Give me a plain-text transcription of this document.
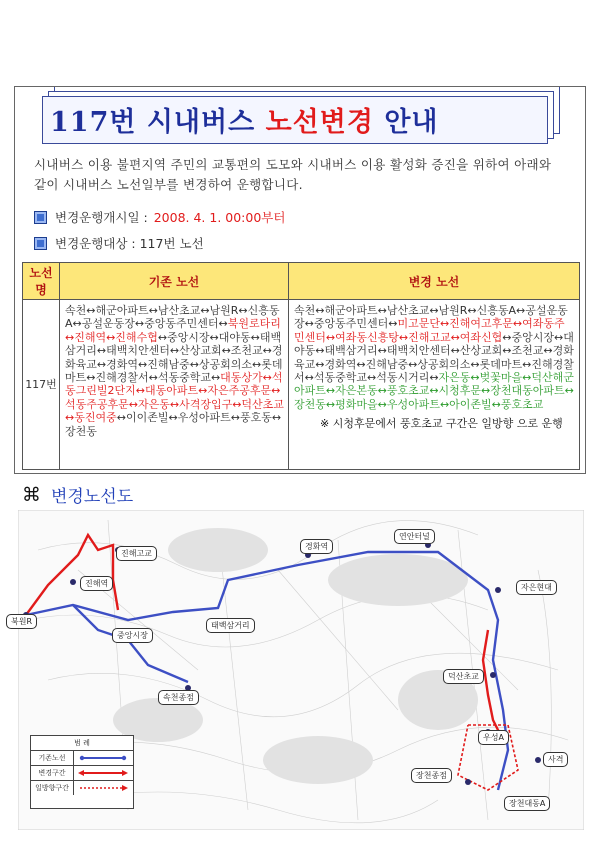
117번 시내버스 노선변경 안내
시내버스 이용 불편지역 주민의 교통편의 도모와 시내버스 이용 활성화 증진을 위하여 아래와 같이 시내버스 노선일부를 변경하여 운행합니다.
변경운행개시일 : 2008. 4. 1. 00:00부터
변경운행대상 : 117번 노선
노선명	기존 노선	변경 노선
117번	속천↔해군아파트↔남산초교↔남원R↔신흥동A↔공설운동장↔중앙동주민센터↔북원로타리↔진해역↔진해수협↔중앙시장↔대야동↔태백삼거리↔태백치안센터↔산상교회↔조천교↔경화육교↔경화역↔진해남중↔상공회의소↔롯데마트↔진해경찰서↔석동중학교↔대동상가↔석동그린빌2단지↔대동아파트↔자은주공후문↔석동주공후문↔자은동↔사격장입구↔덕산초교↔동진여중↔이이존빌↔우성아파트↔풍호동↔장천동	속천↔해군아파트↔남산초교↔남원R↔신흥동A↔공설운동장↔중앙동주민센터↔미고문단↔진해여고후문↔여좌동주민센터↔여좌동신흥탕↔진해고교↔여좌신협↔중앙시장↔대야동↔태백삼거리↔태백치안센터↔산상교회↔조천교↔경화육교↔경화역↔진해남중↔상공회의소↔롯데마트↔진해경찰서↔석동중학교↔석동시거리↔자은동↔벚꽃마을↔덕산해군아파트↔자은본동↔풍호초교↔시청후문↔장천대동아파트↔장천동↔평화마을↔우성아파트↔아이존빌↔풍호초교
※ 시청후문에서 풍호초교 구간은 일방향 으로 운행
⌘ 변경노선도
진해고교
진해역
북원R
중앙시장
태백삼거리
속천종점
경화역
연안터널
자은현대
덕산초교
우성A
사격
장천종점
장천대동A
범 례
기존노선
변경구간
일방향구간
